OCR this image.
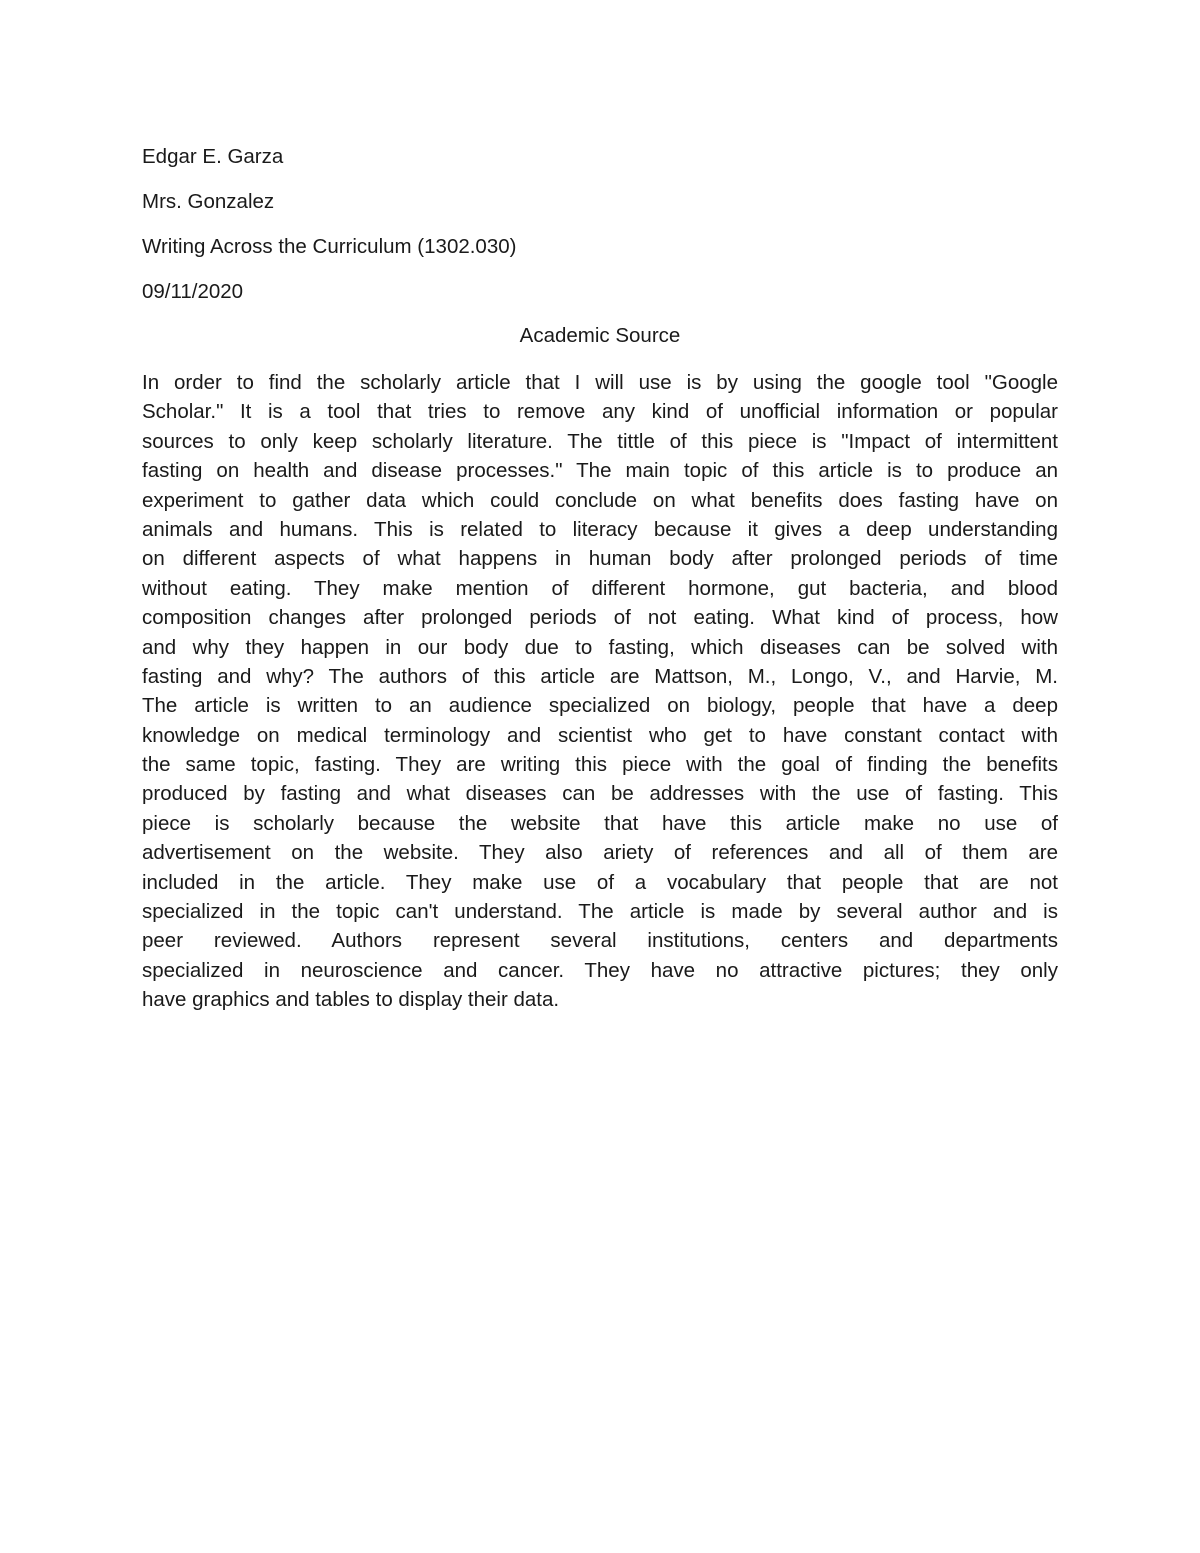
Edgar E. Garza
Mrs. Gonzalez
Writing Across the Curriculum (1302.030)
09/11/2020
Academic Source
In order to find the scholarly article that I will use is by using the google tool "Google
Scholar." It is a tool that tries to remove any kind of unofficial information or popular
sources to only keep scholarly literature. The tittle of this piece is "Impact of intermittent
fasting on health and disease processes." The main topic of this article is to produce an
experiment to gather data which could conclude on what benefits does fasting have on
animals and humans. This is related to literacy because it gives a deep understanding
on different aspects of what happens in human body after prolonged periods of time
without eating. They make mention of different hormone, gut bacteria, and blood
composition changes after prolonged periods of not eating. What kind of process, how
and why they happen in our body due to fasting, which diseases can be solved with
fasting and why? The authors of this article are Mattson, M., Longo, V., and Harvie, M.
The article is written to an audience specialized on biology, people that have a deep
knowledge on medical terminology and scientist who get to have constant contact with
the same topic, fasting. They are writing this piece with the goal of finding the benefits
produced by fasting and what diseases can be addresses with the use of fasting. This
piece is scholarly because the website that have this article make no use of
advertisement on the website. They also ariety of references and all of them are
included in the article. They make use of a vocabulary that people that are not
specialized in the topic can't understand. The article is made by several author and is
peer reviewed. Authors represent several institutions, centers and departments
specialized in neuroscience and cancer. They have no attractive pictures; they only
have graphics and tables to display their data.
